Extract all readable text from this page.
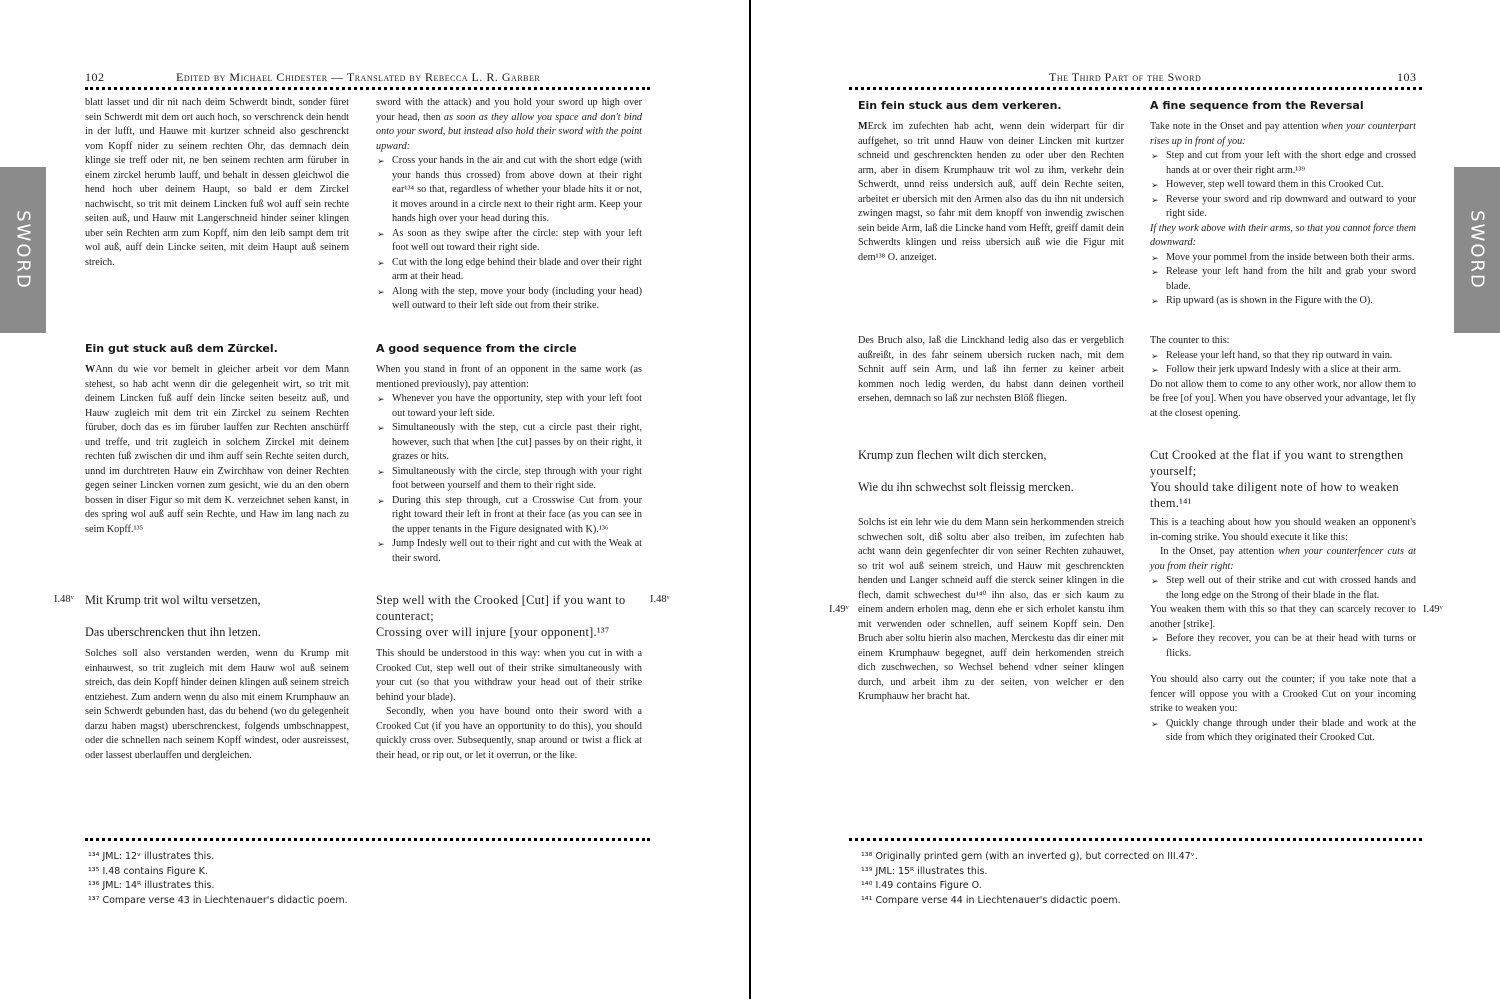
102	Edited by Michael Chidester — Translated by Rebecca L. R. Garber
SWORD

blatt lasset und dir nit nach deim Schwerdt bindt, sonder füret sein Schwerdt mit dem ort auch hoch, so verschrenck dein hendt in der lufft, und Hauwe mit kurtzer schneid also geschrenckt vom Kopff nider zu seinem rechten Ohr, das demnach dein klinge sie treff oder nit, ne ben seinem rechten arm füruber in einem zirckel herumb lauff, und behalt in dessen gleichwol die hend hoch uber deinem Haupt, so bald er dem Zirckel nachwischt, so trit mit deinem Lincken fuß wol auff sein rechte seiten auß, und Hauw mit Langerschneid hinder seiner klingen uber sein Rechten arm zum Kopff, nim den leib sampt dem trit wol auß, auff dein Lincke seiten, mit deim Haupt auß seinem streich.

sword with the attack) and you hold your sword up high over your head, then as soon as they allow you space and don't bind onto your sword, but instead also hold their sword with the point upward:

➢ Cross your hands in the air and cut with the short edge (with your hands thus crossed) from above down at their right ear¹³⁴ so that, regardless of whether your blade hits it or not, it moves around in a circle next to their right arm. Keep your hands high over your head during this.
➢ As soon as they swipe after the circle: step with your left foot well out toward their right side.
➢ Cut with the long edge behind their blade and over their right arm at their head.
➢ Along with the step, move your body (including your head) well outward to their left side out from their strike.
Ein gut stuck auß dem Zürckel.	A good sequence from the circle

WAnn du wie vor bemelt in gleicher arbeit vor dem Mann stehest, so hab acht wenn dir die gelegenheit wirt, so trit mit deinem Lincken fuß auff dein lincke seiten beseitz auß, und Hauw zugleich mit dem trit ein Zirckel zu seinem Rechten füruber, doch das es im füruber lauffen zur Rechten anschürff und treffe, und trit zugleich in solchem Zirckel mit deinem rechten fuß zwischen dir und ihm auff sein Rechte seiten durch, unnd im durchtreten Hauw ein Zwirchhaw von deiner Rechten gegen seiner Lincken vornen zum gesicht, wie du an den obern bossen in diser Figur so mit dem K. verzeichnet sehen kanst, in des spring wol auß auff sein Rechte, und Haw im lang nach zu seim Kopff.¹³⁵

When you stand in front of an opponent in the same work (as mentioned previously), pay attention:

➢ Whenever you have the opportunity, step with your left foot out toward your left side.
➢ Simultaneously with the step, cut a circle past their right, however, such that when [the cut] passes by on their right, it grazes or hits.
➢ Simultaneously with the circle, step through with your right foot between yourself and them to their right side.
➢ During this step through, cut a Crosswise Cut from your right toward their left in front at their face (as you can see in the upper tenants in the Figure designated with K).¹³⁶
➢ Jump Indesly well out to their right and cut with the Weak at their sword.
I.48ᵛ Mit Krump trit wol wiltu versetzen,
Das uberschrencken thut ihn letzen.
Step well with the Crooked [Cut] if you want to counteract;
Crossing over will injure [your opponent].¹³⁷
I.48ᵛ

Solches soll also verstanden werden, wenn du Krump mit einhauwest, so trit zugleich mit dem Hauw wol auß seinem streich, das dein Kopff hinder deinen klingen auß seinem streich entziehest. Zum andern wenn du also mit einem Krumphauw an sein Schwerdt gebunden hast, das du behend (wo du gelegenheit darzu haben magst) uberschrenckest, folgends umbschnappest, oder die schnellen nach seinem Kopff windest, oder ausreissest, oder lassest uberlauffen und dergleichen.

This should be understood in this way: when you cut in with a Crooked Cut, step well out of their strike simultaneously with your cut (so that you withdraw your head out of their strike behind your blade).

Secondly, when you have bound onto their sword with a Crooked Cut (if you have an opportunity to do this), you should quickly cross over. Subsequently, snap around or twist a flick at their head, or rip out, or let it overrun, or the like.

¹³⁴ JML: 12ᵛ illustrates this.

¹³⁵ I.48 contains Figure K.

¹³⁶ JML: 14ᴿ illustrates this.

¹³⁷ Compare verse 43 in Liechtenauer's didactic poem.

The Third Part of the Sword	103
SWORD
Ein fein stuck aus dem verkeren.	A fine sequence from the Reversal

MErck im zufechten hab acht, wenn dein widerpart für dir auffgehet, so trit unnd Hauw von deiner Lincken mit kurtzer schneid und geschrenckten henden zu oder uber den Rechten arm, aber in disem Krumphauw trit wol zu ihm, verkehr dein Schwerdt, unnd reiss undersich auß, auff dein Rechte seiten, arbeitet er ubersich mit den Armen also das du ihn nit undersich zwingen magst, so fahr mit dem knopff von inwendig zwischen sein beide Arm, laß die Lincke hand vom Hefft, greiff damit dein Schwerdts klingen und reiss ubersich auß wie die Figur mit dem¹³⁸ O. anzeiget.

Take note in the Onset and pay attention when your counterpart rises up in front of you:

➢ Step and cut from your left with the short edge and crossed hands at or over their right arm.¹³⁹
➢ However, step well toward them in this Crooked Cut.
➢ Reverse your sword and rip downward and outward to your right side.

If they work above with their arms, so that you cannot force them downward:

➢ Move your pommel from the inside between both their arms.
➢ Release your left hand from the hilt and grab your sword blade.
➢ Rip upward (as is shown in the Figure with the O).

Des Bruch also, laß die Linckhand ledig also das er vergeblich außreißt, in des fahr seinem ubersich rucken nach, mit dem Schnit auff sein Arm, und laß ihn ferner zu keiner arbeit kommen noch ledig werden, du habst dann deinen vortheil ersehen, demnach so laß zur nechsten Blöß fliegen.

The counter to this:

➢ Release your left hand, so that they rip outward in vain.
➢ Follow their jerk upward Indesly with a slice at their arm.

Do not allow them to come to any other work, nor allow them to be free [of you]. When you have observed your advantage, let fly at the closest opening.

Krump zun flechen wilt dich stercken,
Wie du ihn schwechst solt fleissig mercken.
Cut Crooked at the flat if you want to strengthen yourself;
You should take diligent note of how to weaken them.¹⁴¹
I.49ᵛ

Solchs ist ein lehr wie du dem Mann sein herkommenden streich schwechen solt, diß soltu aber also treiben, im zufechten hab acht wann dein gegenfechter dir von seiner Rechten zuhauwet, so trit wol auß seinem streich, und Hauw mit geschrenckten henden und Langer schneid auff die sterck seiner klingen in die flech, damit schwechest du¹⁴⁰ ihn also, das er sich kaum zu einem andern erholen mag, denn ehe er sich erholet kanstu ihm mit verwenden oder schnellen, auff seinem Kopff sein. Den Bruch aber soltu hierin also machen, Merckestu das dir einer mit einem Krumphauw begegnet, auff dein herkomenden streich dich zuschwechen, so Wechsel behend vdner seiner klingen durch, und arbeit ihm zu der seiten, von welcher er den Krumphauw her bracht hat.

This is a teaching about how you should weaken an opponent's in-coming strike. You should execute it like this:

In the Onset, pay attention when your counterfencer cuts at you from their right:

➢ Step well out of their strike and cut with crossed hands and the long edge on the Strong of their blade in the flat.

You weaken them with this so that they can scarcely recover to another [strike].

➢ Before they recover, you can be at their head with turns or flicks.

You should also carry out the counter; if you take note that a fencer will oppose you with a Crooked Cut on your incoming strike to weaken you:

➢ Quickly change through under their blade and work at the side from which they originated their Crooked Cut.
I.49ᵛ

¹³⁸ Originally printed gem (with an inverted g), but corrected on III.47ᵛ.

¹³⁹ JML: 15ᴿ illustrates this.

¹⁴⁰ I.49 contains Figure O.

¹⁴¹ Compare verse 44 in Liechtenauer's didactic poem.
